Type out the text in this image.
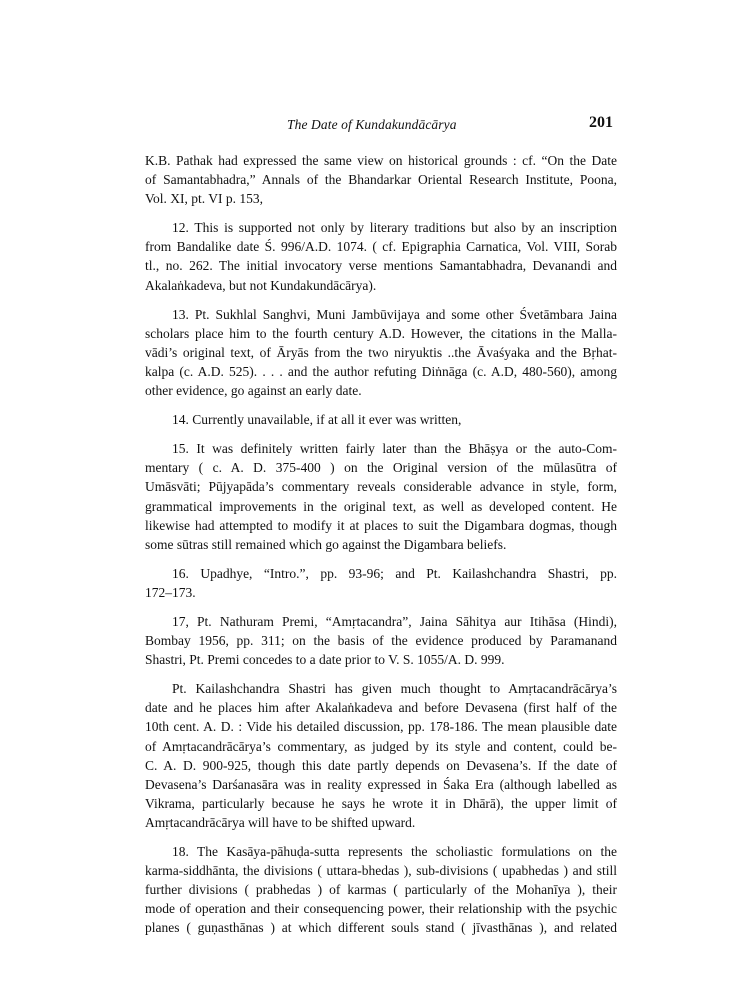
The Date of Kundakundācārya	201

K.B. Pathak had expressed the same view on historical grounds : cf. “On the Date
of Samantabhadra,” Annals of the Bhandarkar Oriental Research Institute, Poona,
Vol. XI, pt. VI p. 153,

12. This is supported not only by literary traditions but also by an inscription
from Bandalike date Ś. 996/A.D. 1074. ( cf. Epigraphia Carnatica, Vol. VIII, Sorab
tl., no. 262. The initial invocatory verse mentions Samantabhadra, Devanandi and
Akalaṅkadeva, but not Kundakundācārya).

13. Pt. Sukhlal Sanghvi, Muni Jambūvijaya and some other Śvetāmbara Jaina
scholars place him to the fourth century A.D. However, the citations in the Malla-
vādi’s original text, of Āryās from the two niryuktis ..the Āvaśyaka and the Bṛhat-
kalpa (c. A.D. 525). . . . and the author refuting Diṅnāga (c. A.D, 480-560), among
other evidence, go against an early date.

14. Currently unavailable, if at all it ever was written,

15. It was definitely written fairly later than the Bhāṣya or the auto-Com-
mentary ( c. A. D. 375-400 ) on the Original version of the mūlasūtra of
Umāsvāti; Pūjyapāda’s commentary reveals considerable advance in style, form,
grammatical improvements in the original text, as well as developed content. He
likewise had attempted to modify it at places to suit the Digambara dogmas, though
some sūtras still remained which go against the Digambara beliefs.

16. Upadhye, “Intro.”, pp. 93-96; and Pt. Kailashchandra Shastri, pp.
172–173.

17, Pt. Nathuram Premi, “Amṛtacandra”, Jaina Sāhitya aur Itihāsa (Hindi),
Bombay 1956, pp. 311; on the basis of the evidence produced by Paramanand
Shastri, Pt. Premi concedes to a date prior to V. S. 1055/A. D. 999.

Pt. Kailashchandra Shastri has given much thought to Amṛtacandrācārya’s
date and he places him after Akalaṅkadeva and before Devasena (first half of the
10th cent. A. D. : Vide his detailed discussion, pp. 178-186. The mean plausible date
of Amṛtacandrācārya’s commentary, as judged by its style and content, could be-
C. A. D. 900-925, though this date partly depends on Devasena’s. If the date of
Devasena’s Darśanasāra was in reality expressed in Śaka Era (although labelled as
Vikrama, particularly because he says he wrote it in Dhārā), the upper limit of
Amṛtacandrācārya will have to be shifted upward.

18. The Kasāya-pāhuḍa-sutta represents the scholiastic formulations on the
karma-siddhānta, the divisions ( uttara-bhedas ), sub-divisions ( upabhedas ) and still
further divisions ( prabhedas ) of karmas ( particularly of the Mohanīya ), their
mode of operation and their consequencing power, their relationship with the psychic
planes ( guṇasthānas ) at which different souls stand ( jīvasthānas ), and related
